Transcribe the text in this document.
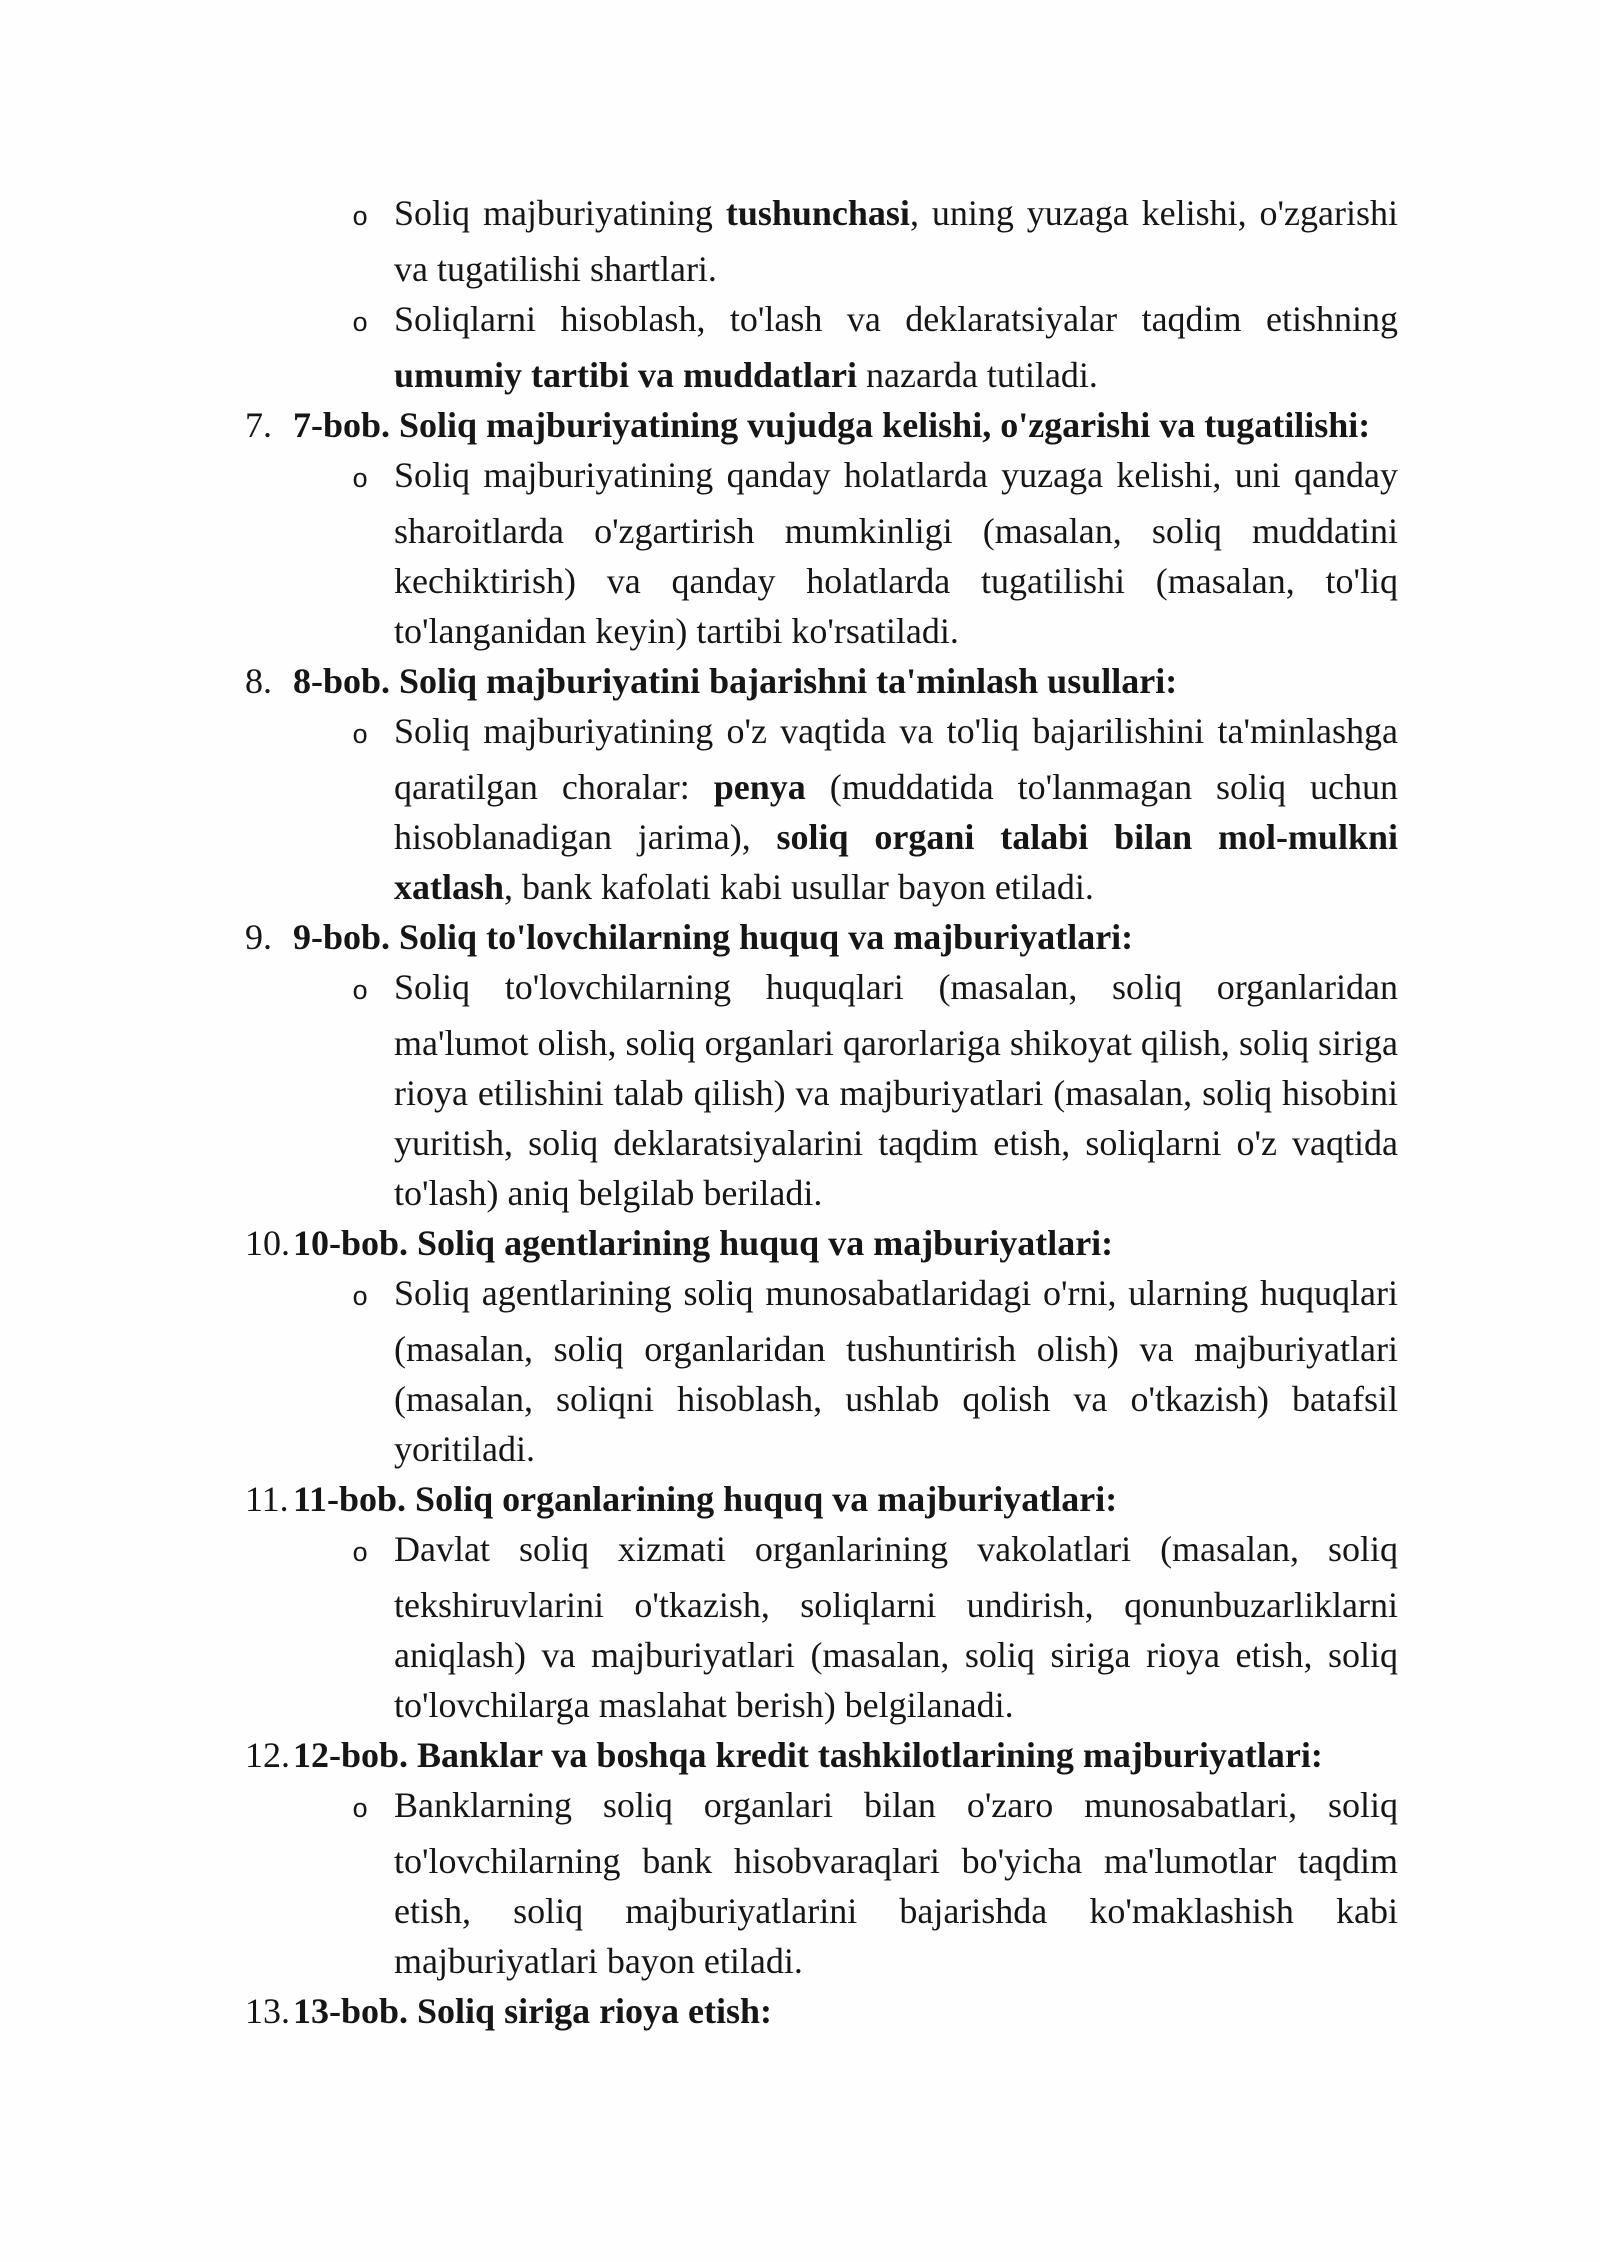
o Soliq majburiyatining tushunchasi, uning yuzaga kelishi, o'zgarishi va tugatilishi shartlari.

o Soliqlarni hisoblash, to'lash va deklaratsiyalar taqdim etishning umumiy tartibi va muddatlari nazarda tutiladi.

7. 7-bob. Soliq majburiyatining vujudga kelishi, o'zgarishi va tugatilishi:

o Soliq majburiyatining qanday holatlarda yuzaga kelishi, uni qanday sharoitlarda o'zgartirish mumkinligi (masalan, soliq muddatini kechiktirish) va qanday holatlarda tugatilishi (masalan, to'liq to'langanidan keyin) tartibi ko'rsatiladi.

8. 8-bob. Soliq majburiyatini bajarishni ta'minlash usullari:

o Soliq majburiyatining o'z vaqtida va to'liq bajarilishini ta'minlashga qaratilgan choralar: penya (muddatida to'lanmagan soliq uchun hisoblanadigan jarima), soliq organi talabi bilan mol-mulkni xatlash, bank kafolati kabi usullar bayon etiladi.

9. 9-bob. Soliq to'lovchilarning huquq va majburiyatlari:

o Soliq to'lovchilarning huquqlari (masalan, soliq organlaridan ma'lumot olish, soliq organlari qarorlariga shikoyat qilish, soliq siriga rioya etilishini talab qilish) va majburiyatlari (masalan, soliq hisobini yuritish, soliq deklaratsiyalarini taqdim etish, soliqlarni o'z vaqtida to'lash) aniq belgilab beriladi.

10.10-bob. Soliq agentlarining huquq va majburiyatlari:

o Soliq agentlarining soliq munosabatlaridagi o'rni, ularning huquqlari (masalan, soliq organlaridan tushuntirish olish) va majburiyatlari (masalan, soliqni hisoblash, ushlab qolish va o'tkazish) batafsil yoritiladi.

11. 11-bob. Soliq organlarining huquq va majburiyatlari:

o Davlat soliq xizmati organlarining vakolatlari (masalan, soliq tekshiruvlarini o'tkazish, soliqlarni undirish, qonunbuzarliklarni aniqlash) va majburiyatlari (masalan, soliq siriga rioya etish, soliq to'lovchilarga maslahat berish) belgilanadi.

12.12-bob. Banklar va boshqa kredit tashkilotlarining majburiyatlari:

o Banklarning soliq organlari bilan o'zaro munosabatlari, soliq to'lovchilarning bank hisobvaraqlari bo'yicha ma'lumotlar taqdim etish, soliq majburiyatlarini bajarishda ko'maklashish kabi majburiyatlari bayon etiladi.

13.13-bob. Soliq siriga rioya etish:
